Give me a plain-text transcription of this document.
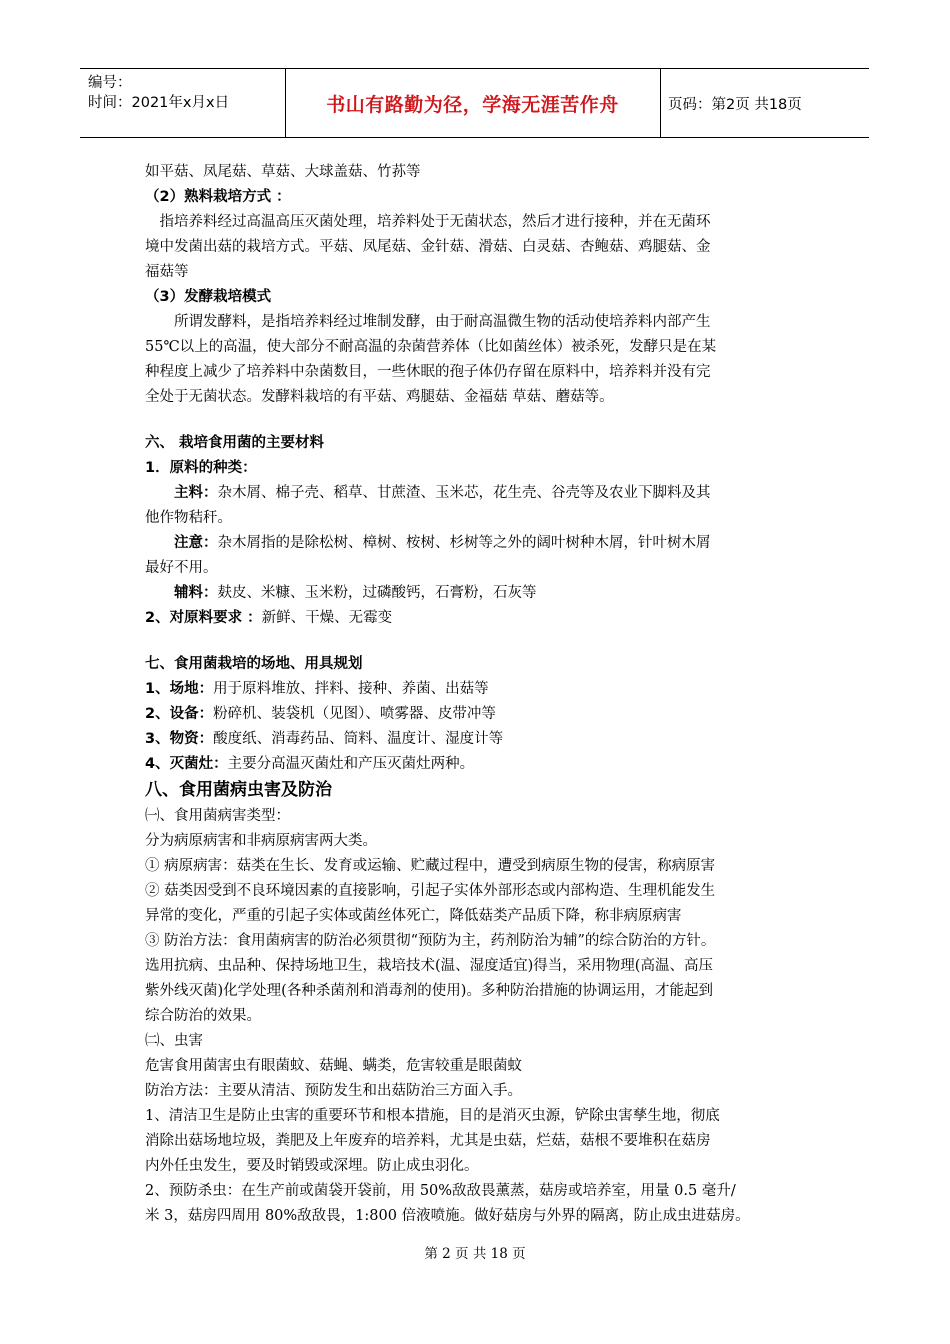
编号：
时间：2021年x月x日	书山有路勤为径，学海无涯苦作舟	页码：第2页 共18页

如平菇、凤尾菇、草菇、大球盖菇、竹荪等

（2）熟料栽培方式 ：

指培养料经过高温高压灭菌处理，培养料处于无菌状态，然后才进行接种，并在无菌环

境中发菌出菇的栽培方式。平菇、凤尾菇、金针菇、滑菇、白灵菇、杏鲍菇、鸡腿菇、金

福菇等

（3）发酵栽培模式

所谓发酵料，是指培养料经过堆制发酵，由于耐高温微生物的活动使培养料内部产生

55℃以上的高温，使大部分不耐高温的杂菌营养体（比如菌丝体）被杀死，发酵只是在某

种程度上减少了培养料中杂菌数目，一些休眠的孢子体仍存留在原料中，培养料并没有完

全处于无菌状态。发酵料栽培的有平菇、鸡腿菇、金福菇 草菇、蘑菇等。

六、 栽培食用菌的主要材料

1．原料的种类：

主料：杂木屑、棉子壳、稻草、甘蔗渣、玉米芯，花生壳、谷壳等及农业下脚料及其

他作物秸秆。

注意：杂木屑指的是除松树、樟树、桉树、杉树等之外的阔叶树种木屑，针叶树木屑

最好不用。

辅料：麸皮、米糠、玉米粉，过磷酸钙，石膏粉，石灰等

2、对原料要求 ：新鲜、干燥、无霉变

七、食用菌栽培的场地、用具规划

1、场地：用于原料堆放、拌料、接种、养菌、出菇等

2、设备：粉碎机、装袋机（见图）、喷雾器、皮带冲等

3、物资：酸度纸、消毒药品、筒料、温度计、湿度计等

4、灭菌灶：主要分高温灭菌灶和产压灭菌灶两种。

八、食用菌病虫害及防治

㈠、食用菌病害类型：

分为病原病害和非病原病害两大类。

① 病原病害：菇类在生长、发育或运输、贮藏过程中，遭受到病原生物的侵害，称病原害

② 菇类因受到不良环境因素的直接影响，引起子实体外部形态或内部构造、生理机能发生

异常的变化，严重的引起子实体或菌丝体死亡，降低菇类产品质下降，称非病原病害

③ 防治方法：食用菌病害的防治必须贯彻“预防为主，药剂防治为辅”的综合防治的方针。

选用抗病、虫品种、保持场地卫生，栽培技术(温、湿度适宜)得当，采用物理(高温、高压

紫外线灭菌)化学处理(各种杀菌剂和消毒剂的使用)。多种防治措施的协调运用，才能起到

综合防治的效果。

㈡、虫害

危害食用菌害虫有眼菌蚊、菇蝇、螨类，危害较重是眼菌蚊

防治方法：主要从清洁、预防发生和出菇防治三方面入手。

1、清洁卫生是防止虫害的重要环节和根本措施，目的是消灭虫源，铲除虫害孳生地，彻底

消除出菇场地垃圾，粪肥及上年废弃的培养料，尤其是虫菇，烂菇，菇根不要堆积在菇房

内外任虫发生，要及时销毁或深埋。防止成虫羽化。

2、预防杀虫：在生产前或菌袋开袋前，用 50%敌敌畏薰蒸，菇房或培养室，用量 0.5 毫升/

米 3，菇房四周用 80%敌敌畏，1:800 倍液喷施。做好菇房与外界的隔离，防止成虫进菇房。

第 2 页 共 18 页
